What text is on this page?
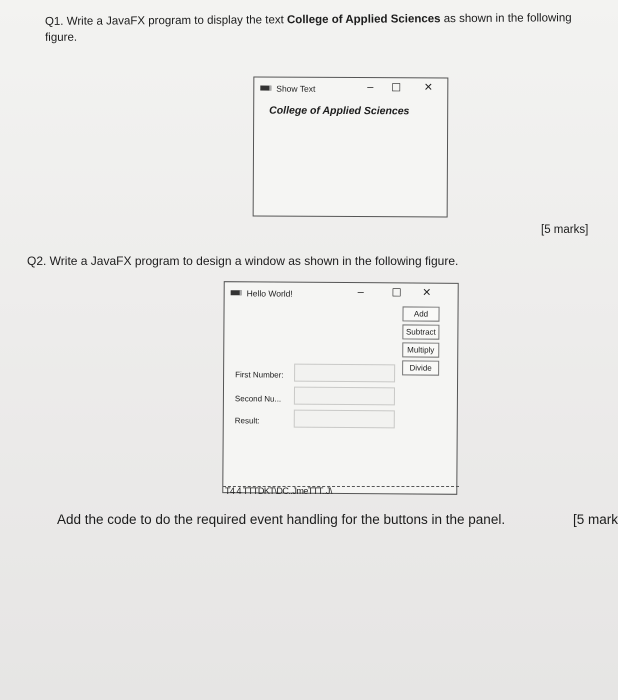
Q1. Write a JavaFX program to display the text College of Applied Sciences as shown in the following figure.
Show Text	– ☐ ×
College of Applied Sciences
[5 marks]
Q2. Write a JavaFX program to design a window as shown in the following figure.
Hello World!	–	☐ ×
Add
Subtract
Multiply
Divide
First Number:
Second Nu...
Result:
T4 4 TTTDKT\DC..JmeTTT..J\
Add the code to do the required event handling for the buttons in the panel.	[5 mark
